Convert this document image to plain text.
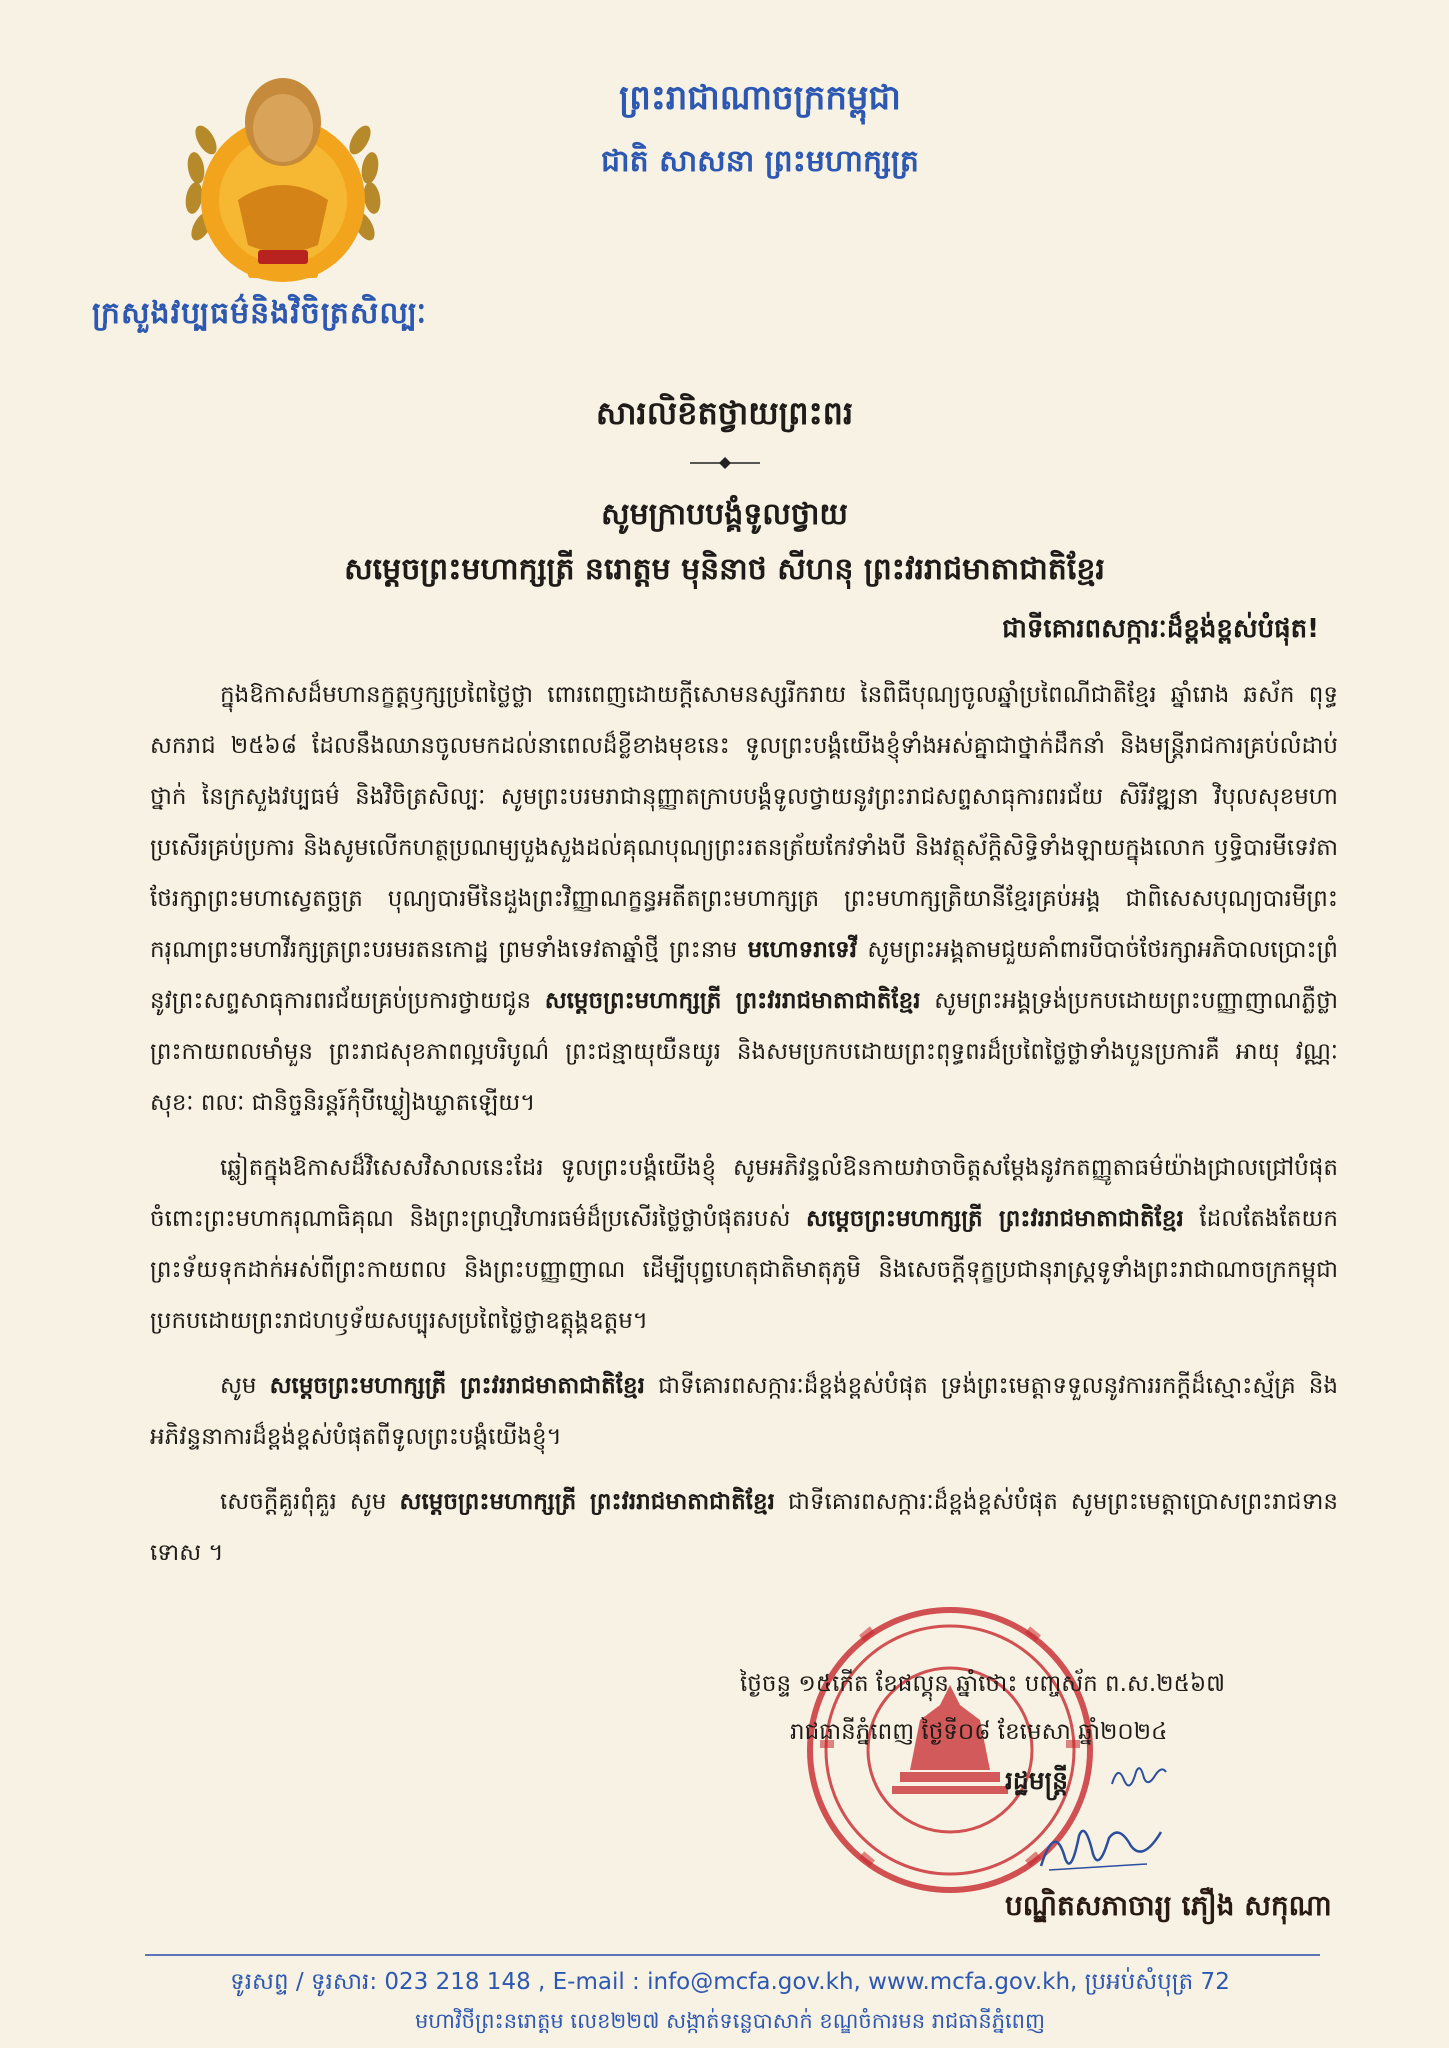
ព្រះរាជាណាចក្រកម្ពុជា
ជាតិ សាសនា ព្រះមហាក្សត្រ
ក្រសួងវប្បធម៌និងវិចិត្រសិល្បៈ
សារលិខិតថ្វាយព្រះពរ
សូមក្រាបបង្គំទូលថ្វាយ
សម្តេចព្រះមហាក្សត្រី នរោត្តម មុនិនាថ សីហនុ ព្រះវររាជមាតាជាតិខ្មែរ
ជាទីគោរពសក្ការៈដ៏ខ្ពង់ខ្ពស់បំផុត!

ក្នុងឱកាសដ៏មហានក្ខត្តឫក្សប្រពៃថ្លៃថ្លា ពោរពេញដោយក្តីសោមនស្សរីករាយ នៃពិធីបុណ្យចូលឆ្នាំប្រពៃណីជាតិខ្មែរ ឆ្នាំរោង ឆស័ក ពុទ្ធសករាជ ២៥៦៨ ដែលនឹងឈានចូលមកដល់នាពេលដ៏ខ្លីខាងមុខនេះ ទូលព្រះបង្គំយើងខ្ញុំទាំងអស់គ្នាជាថ្នាក់ដឹកនាំ និងមន្ត្រីរាជការគ្រប់លំដាប់ថ្នាក់ នៃក្រសួងវប្បធម៌ និងវិចិត្រសិល្បៈ សូមព្រះបរមរាជានុញ្ញាតក្រាបបង្គំទូលថ្វាយនូវព្រះរាជសព្ទសាធុការពរជ័យ សិរីវឌ្ឍនា វិបុលសុខមហាប្រសើរគ្រប់ប្រការ និងសូមលើកហត្ថប្រណម្យបួងសួងដល់គុណបុណ្យព្រះរតនត្រ័យកែវទាំងបី និងវត្ថុស័ក្តិសិទ្ធិទាំងឡាយក្នុងលោក ឫទ្ធិបារមីទេវតាថែរក្សាព្រះមហាស្វេតច្ឆត្រ បុណ្យបារមីនៃដួងព្រះវិញ្ញាណក្ខន្ធអតីតព្រះមហាក្សត្រ ព្រះមហាក្សត្រិយានីខ្មែរគ្រប់អង្គ ជាពិសេសបុណ្យបារមីព្រះករុណាព្រះមហាវីរក្សត្រព្រះបរមរតនកោដ្ឋ ព្រមទាំងទេវតាឆ្នាំថ្មី ព្រះនាម មហោទរាទេវី សូមព្រះអង្គតាមជួយគាំពារបីបាច់ថែរក្សាអភិបាលប្រោះព្រំនូវព្រះសព្ទសាធុការពរជ័យគ្រប់ប្រការថ្វាយជូន សម្តេចព្រះមហាក្សត្រី ព្រះវររាជមាតាជាតិខ្មែរ សូមព្រះអង្គទ្រង់ប្រកបដោយព្រះបញ្ញាញាណភ្លឺថ្លា ព្រះកាយពលមាំមួន ព្រះរាជសុខភាពល្អបរិបូណ៌ ព្រះជន្មាយុយឺនយូរ និងសមប្រកបដោយព្រះពុទ្ធពរដ៏ប្រពៃថ្លៃថ្លាទាំងបួនប្រការគឺ អាយុ វណ្ណៈ សុខៈ ពលៈ ជានិច្ចនិរន្តរ៍កុំបីឃ្លៀងឃ្លាតឡើយ។

ឆ្លៀតក្នុងឱកាសដ៏វិសេសវិសាលនេះដែរ ទូលព្រះបង្គំយើងខ្ញុំ សូមអភិវន្ទលំឱនកាយវាចាចិត្តសម្តែងនូវកតញ្ញូតាធម៌យ៉ាងជ្រាលជ្រៅបំផុត ចំពោះព្រះមហាករុណាធិគុណ និងព្រះព្រហ្មវិហារធម៌ដ៏ប្រសើរថ្លៃថ្លាបំផុតរបស់ សម្តេចព្រះមហាក្សត្រី ព្រះវររាជមាតាជាតិខ្មែរ ដែលតែងតែយកព្រះទ័យទុកដាក់អស់ពីព្រះកាយពល និងព្រះបញ្ញាញាណ ដើម្បីបុព្វហេតុជាតិមាតុភូមិ និងសេចក្តីទុក្ខប្រជានុរាស្ត្រទូទាំងព្រះរាជាណាចក្រកម្ពុជា ប្រកបដោយព្រះរាជហឫទ័យសប្បុរសប្រពៃថ្លៃថ្លាឧត្តុង្គឧត្តម។

សូម សម្តេចព្រះមហាក្សត្រី ព្រះវររាជមាតាជាតិខ្មែរ ជាទីគោរពសក្ការៈដ៏ខ្ពង់ខ្ពស់បំផុត ទ្រង់ព្រះមេត្តាទទួលនូវការរកក្តីដ៏ស្មោះស្ម័គ្រ និងអភិវន្ទនាការដ៏ខ្ពង់ខ្ពស់បំផុតពីទូលព្រះបង្គំយើងខ្ញុំ។

សេចក្តីគួរពុំគួរ សូម សម្តេចព្រះមហាក្សត្រី ព្រះវររាជមាតាជាតិខ្មែរ ជាទីគោរពសក្ការៈដ៏ខ្ពង់ខ្ពស់បំផុត សូមព្រះមេត្តាប្រោសព្រះរាជទានទោស ។

ថ្ងៃចន្ទ ១៥កើត ខែផល្គុន ឆ្នាំថោះ បញ្ចស័ក ព.ស.២៥៦៧
រាជធានីភ្នំពេញ ថ្ងៃទី០៨ ខែមេសា ឆ្នាំ២០២៤
រដ្ឋមន្ត្រី
បណ្ឌិតសភាចារ្យ ភឿង សកុណា
ទូរសព្ទ / ទូរសារ: 023 218 148 , E-mail : info@mcfa.gov.kh, www.mcfa.gov.kh, ប្រអប់សំបុត្រ 72
មហាវិថីព្រះនរោត្តម លេខ២២៧ សង្កាត់ទន្លេបាសាក់ ខណ្ឌចំការមន រាជធានីភ្នំពេញ
